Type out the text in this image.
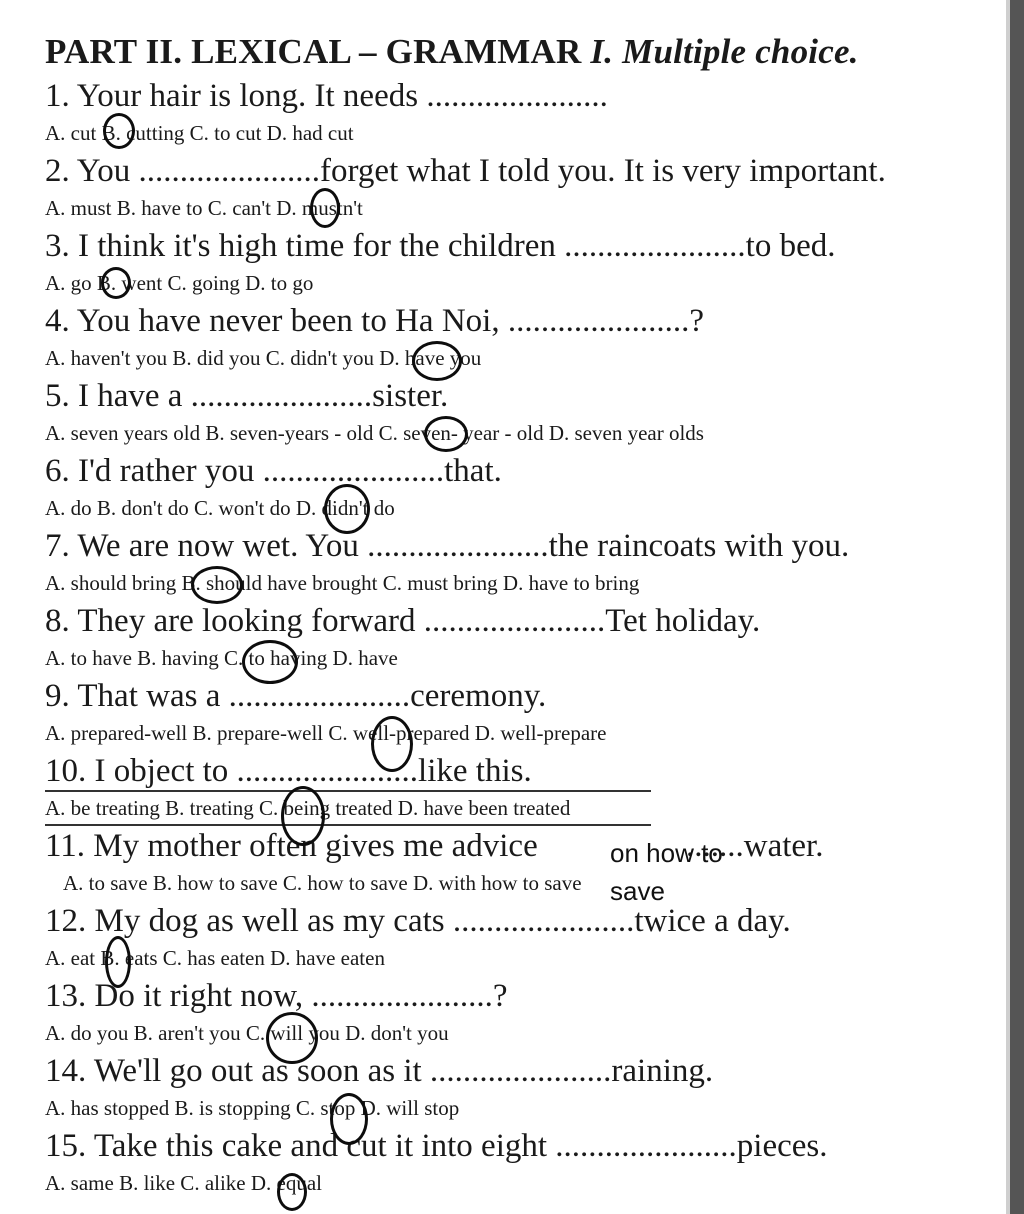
PART II. LEXICAL – GRAMMAR I. Multiple choice.
1. Your hair is long. It needs ......................
A. cut B. cutting C. to cut D. had cut
2. You ......................forget what I told you. It is very important.
A. must B. have to C. can't D. mustn't
3. I think it's high time for the children ......................to bed.
A. go B. went C. going D. to go
4. You have never been to Ha Noi, ......................?
A. haven't you B. did you C. didn't you D. have you
5. I have a ......................sister.
A. seven years old B. seven-years - old C. seven- year - old D. seven year olds
6. I'd rather you ......................that.
A. do B. don't do C. won't do D. didn't do
7. We are now wet. You ......................the raincoats with you.
A. should bring B. should have brought C. must bring D. have to bring
8. They are looking forward ......................Tet holiday.
A. to have B. having C. to having D. have
9. That was a ......................ceremony.
A. prepared-well B. prepare-well C. well-prepared D. well-prepare
10. I object to ......................like this.
A. be treating B. treating C. being treated D. have been treated
11. My mother often gives me advice	.......water.
A. to save B. how to save C. how to save D. with how to save
12. My dog as well as my cats ......................twice a day.
A. eat B. eats C. has eaten D. have eaten
13. Do it right now, ......................?
A. do you B. aren't you C. will you D. don't you
14. We'll go out as soon as it ......................raining.
A. has stopped B. is stopping C. stop D. will stop
15. Take this cake and cut it into eight ......................pieces.
A. same B. like C. alike D. equal
on how to
save
